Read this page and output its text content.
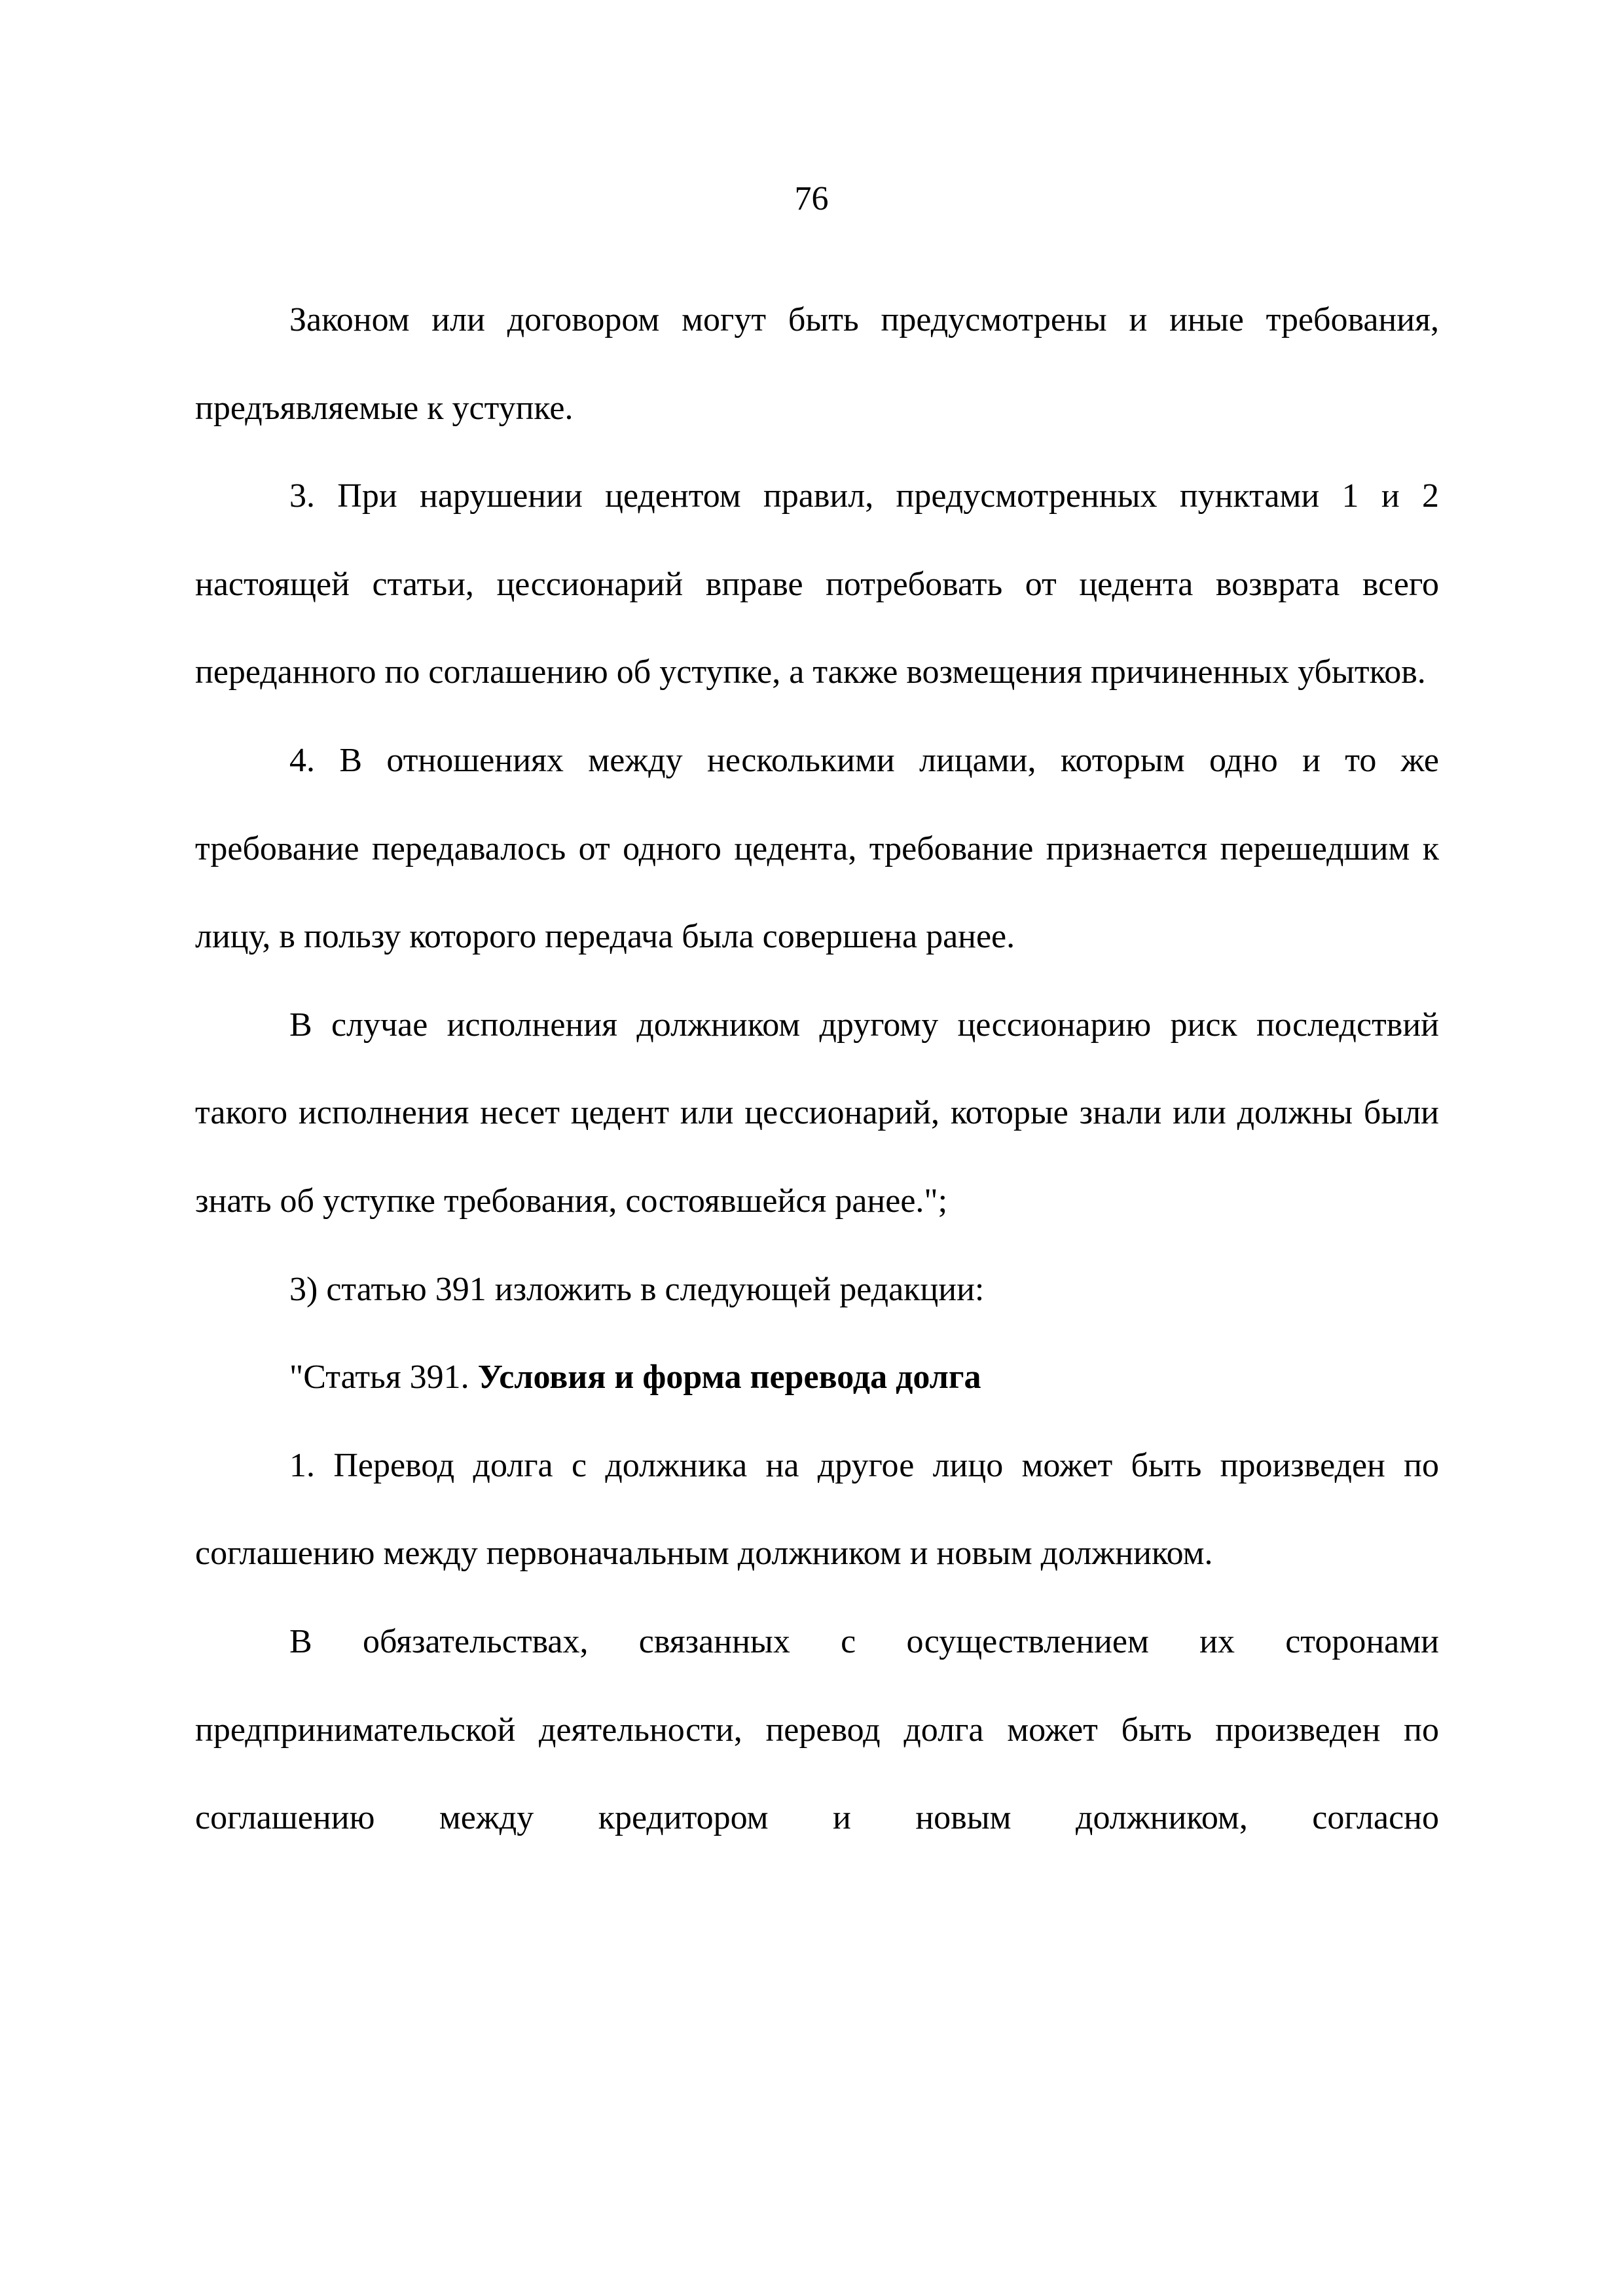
76

Законом или договором могут быть предусмотрены и иные требования, предъявляемые к уступке.

3. При нарушении цедентом правил, предусмотренных пунктами 1 и 2 настоящей статьи, цессионарий вправе потребовать от цедента возврата всего переданного по соглашению об уступке, а также возмещения причиненных убытков.

4. В отношениях между несколькими лицами, которым одно и то же требование передавалось от одного цедента, требование признается перешедшим к лицу, в пользу которого передача была совершена ранее.

В случае исполнения должником другому цессионарию риск последствий такого исполнения несет цедент или цессионарий, которые знали или должны были знать об уступке требования, состоявшейся ранее.";

3) статью 391 изложить в следующей редакции:

"Статья 391. Условия и форма перевода долга

1. Перевод долга с должника на другое лицо может быть произведен по соглашению между первоначальным должником и новым должником.

В обязательствах, связанных с осуществлением их сторонами предпринимательской деятельности, перевод долга может быть произведен по соглашению между кредитором и новым должником, согласно
